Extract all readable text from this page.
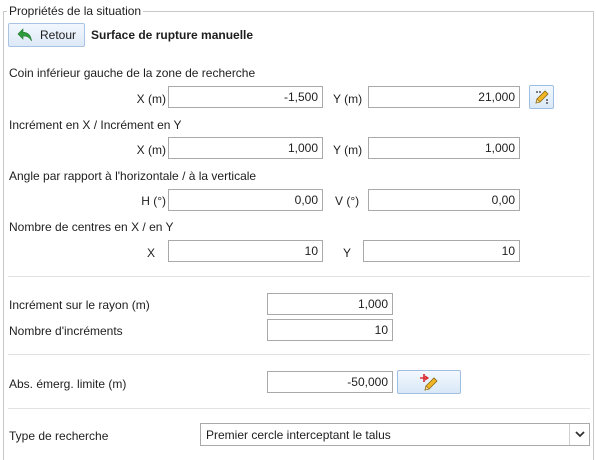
Propriétés de la situation
Retour Surface de rupture manuelle
Coin inférieur gauche de la zone de recherche
X (m)	-1,500	Y (m)	21,000
Incrément en X / Incrément en Y
X (m)	1,000	Y (m)	1,000
Angle par rapport à l'horizontale / à la verticale
H (°)	0,00	V (°)	0,00
Nombre de centres en X / en Y
X	10	Y	10
Incrément sur le rayon (m)	1,000
Nombre d'incréments	10
Abs. émerg. limite (m)	-50,000
Type de recherche	Premier cercle interceptant le talus
